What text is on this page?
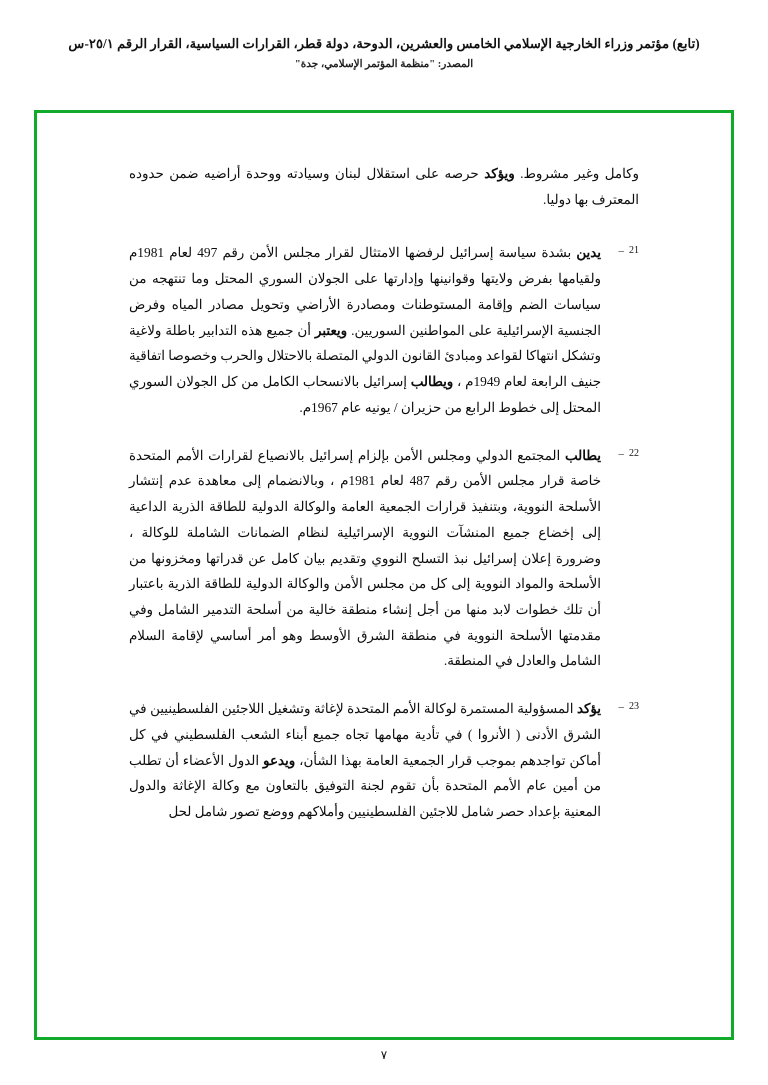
(تابع) مؤتمر وزراء الخارجية الإسلامي الخامس والعشرين، الدوحة، دولة قطر، القرارات السياسية، القرار الرقم ٢٥/١-س
المصدر: "منظمة المؤتمر الإسلامي، جدة"
وكامل وغير مشروط. ويؤكد حرصه على استقلال لبنان وسيادته ووحدة أراضيه ضمن حدوده المعترف بها دوليا.
21
–
يدين بشدة سياسة إسرائيل لرفضها الامتثال لقرار مجلس الأمن رقم 497 لعام 1981م ولقيامها بفرض ولايتها وقوانينها وإدارتها على الجولان السوري المحتل وما تنتهجه من سياسات الضم وإقامة المستوطنات ومصادرة الأراضي وتحويل مصادر المياه وفرض الجنسية الإسرائيلية على المواطنين السوريين. ويعتبر أن جميع هذه التدابير باطلة ولاغية وتشكل انتهاكا لقواعد ومبادئ القانون الدولي المتصلة بالاحتلال والحرب وخصوصا اتفاقية جنيف الرابعة لعام 1949م ، ويطالب إسرائيل بالانسحاب الكامل من كل الجولان السوري المحتل إلى خطوط الرابع من حزيران / يونيه عام 1967م.
22
–
يطالب المجتمع الدولي ومجلس الأمن بإلزام إسرائيل بالانصياع لقرارات الأمم المتحدة خاصة قرار مجلس الأمن رقم 487 لعام 1981م ، وبالانضمام إلى معاهدة عدم إنتشار الأسلحة النووية، وبتنفيذ قرارات الجمعية العامة والوكالة الدولية للطاقة الذرية الداعية إلى إخضاع جميع المنشآت النووية الإسرائيلية لنظام الضمانات الشاملة للوكالة ، وضرورة إعلان إسرائيل نبذ التسلح النووي وتقديم بيان كامل عن قدراتها ومخزونها من الأسلحة والمواد النووية إلى كل من مجلس الأمن والوكالة الدولية للطاقة الذرية باعتبار أن تلك خطوات لابد منها من أجل إنشاء منطقة خالية من أسلحة التدمير الشامل وفي مقدمتها الأسلحة النووية في منطقة الشرق الأوسط وهو أمر أساسي لإقامة السلام الشامل والعادل في المنطقة.
23
–
يؤكد المسؤولية المستمرة لوكالة الأمم المتحدة لإغاثة وتشغيل اللاجئين الفلسطينيين في الشرق الأدنى ( الأنروا ) في تأدية مهامها تجاه جميع أبناء الشعب الفلسطيني في كل أماكن تواجدهم بموجب قرار الجمعية العامة بهذا الشأن، ويدعو الدول الأعضاء أن تطلب من أمين عام الأمم المتحدة بأن تقوم لجنة التوفيق بالتعاون مع وكالة الإغاثة والدول المعنية بإعداد حصر شامل للاجئين الفلسطينيين وأملاكهم ووضع تصور شامل لحل
٧
